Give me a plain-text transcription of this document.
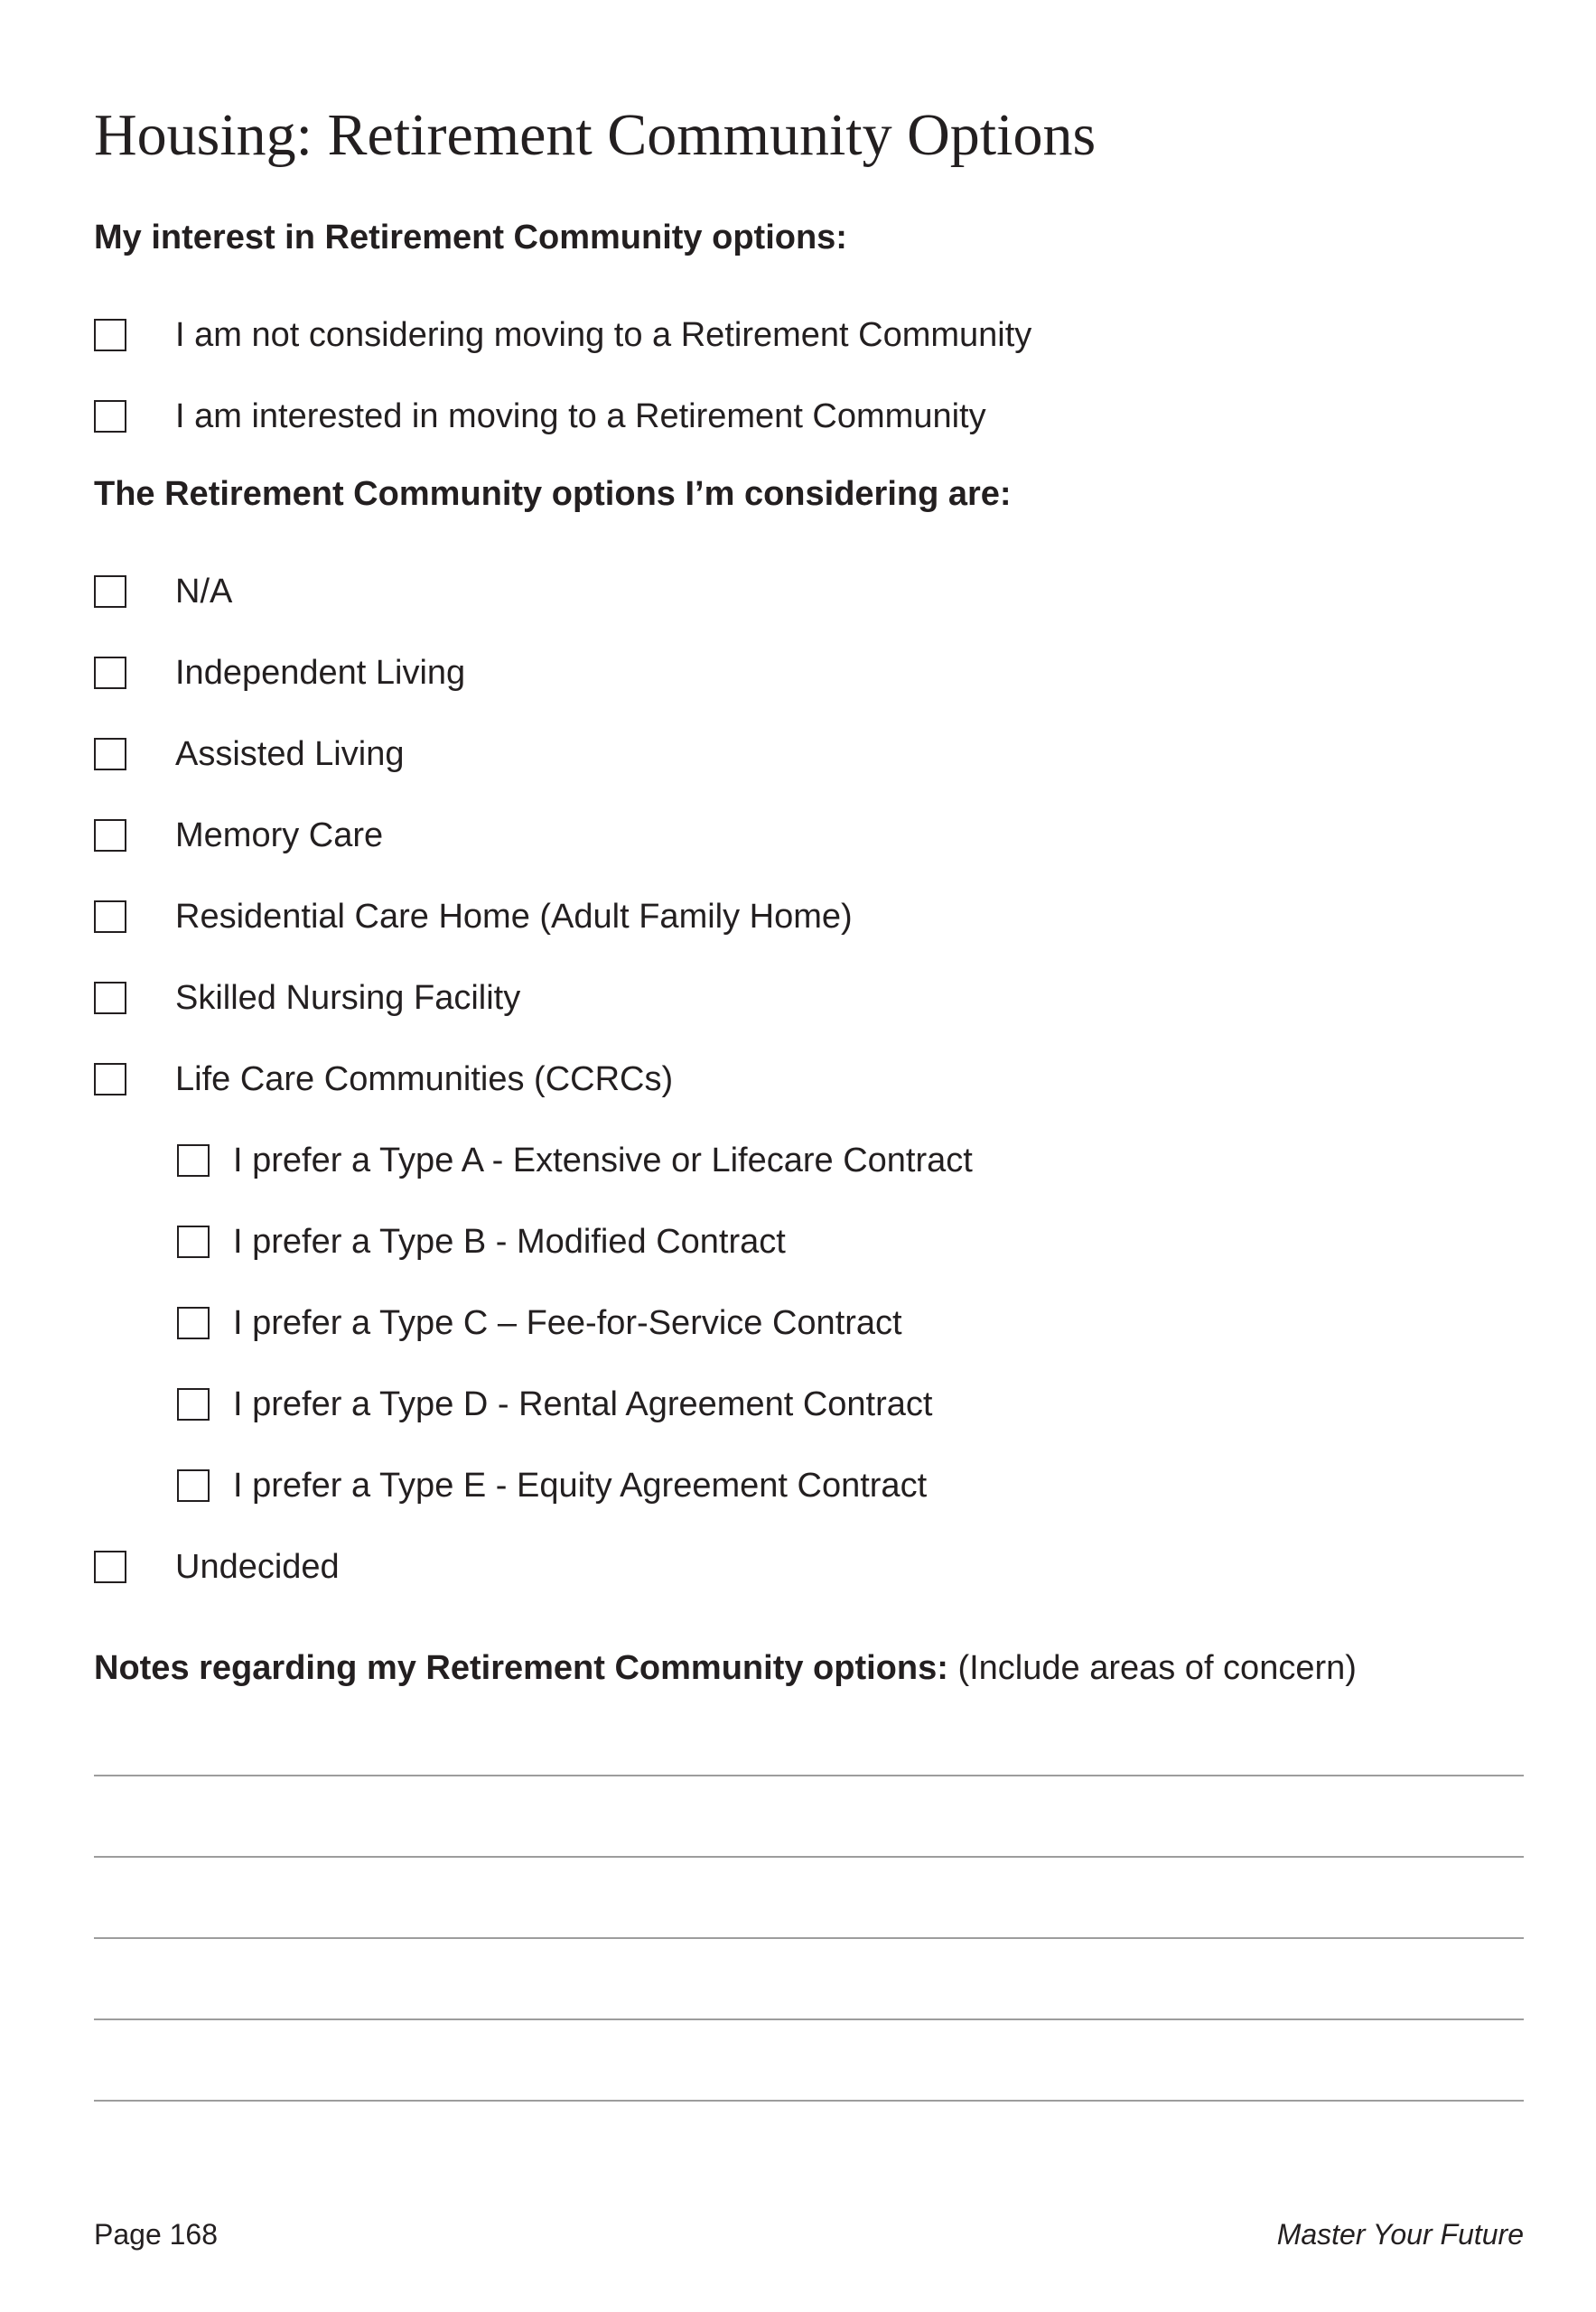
Housing: Retirement Community Options
My interest in Retirement Community options:
I am not considering moving to a Retirement Community
I am interested in moving to a Retirement Community
The Retirement Community options I’m considering are:
N/A
Independent Living
Assisted Living
Memory Care
Residential Care Home (Adult Family Home)
Skilled Nursing Facility
Life Care Communities (CCRCs)
I prefer a Type A - Extensive or Lifecare Contract
I prefer a Type B - Modified Contract
I prefer a Type C – Fee-for-Service Contract
I prefer a Type D - Rental Agreement Contract
I prefer a Type E - Equity Agreement Contract
Undecided
Notes regarding my Retirement Community options: (Include areas of concern)
Page 168	Master Your Future
